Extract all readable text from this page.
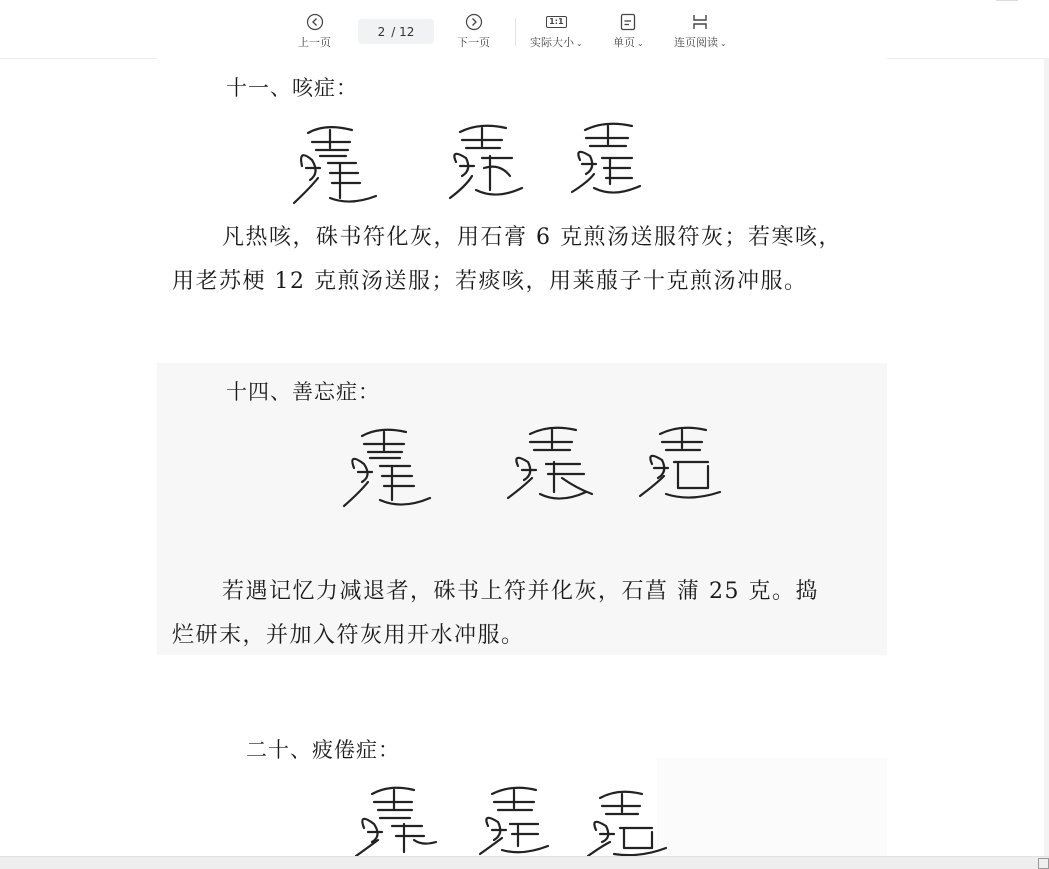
上一页
2 / 12
下一页
1:1
实际大小 ⌄	单页 ⌄	连页阅读 ⌄
十一、咳症：
凡热咳，硃书符化灰，用石膏 6 克煎汤送服符灰；若寒咳，
用老苏梗 12 克煎汤送服；若痰咳，用莱菔子十克煎汤冲服。
十四、善忘症：
若遇记忆力减退者，硃书上符并化灰，石菖 蒲 25 克。捣
烂研末，并加入符灰用开水冲服。
二十、疲倦症：
